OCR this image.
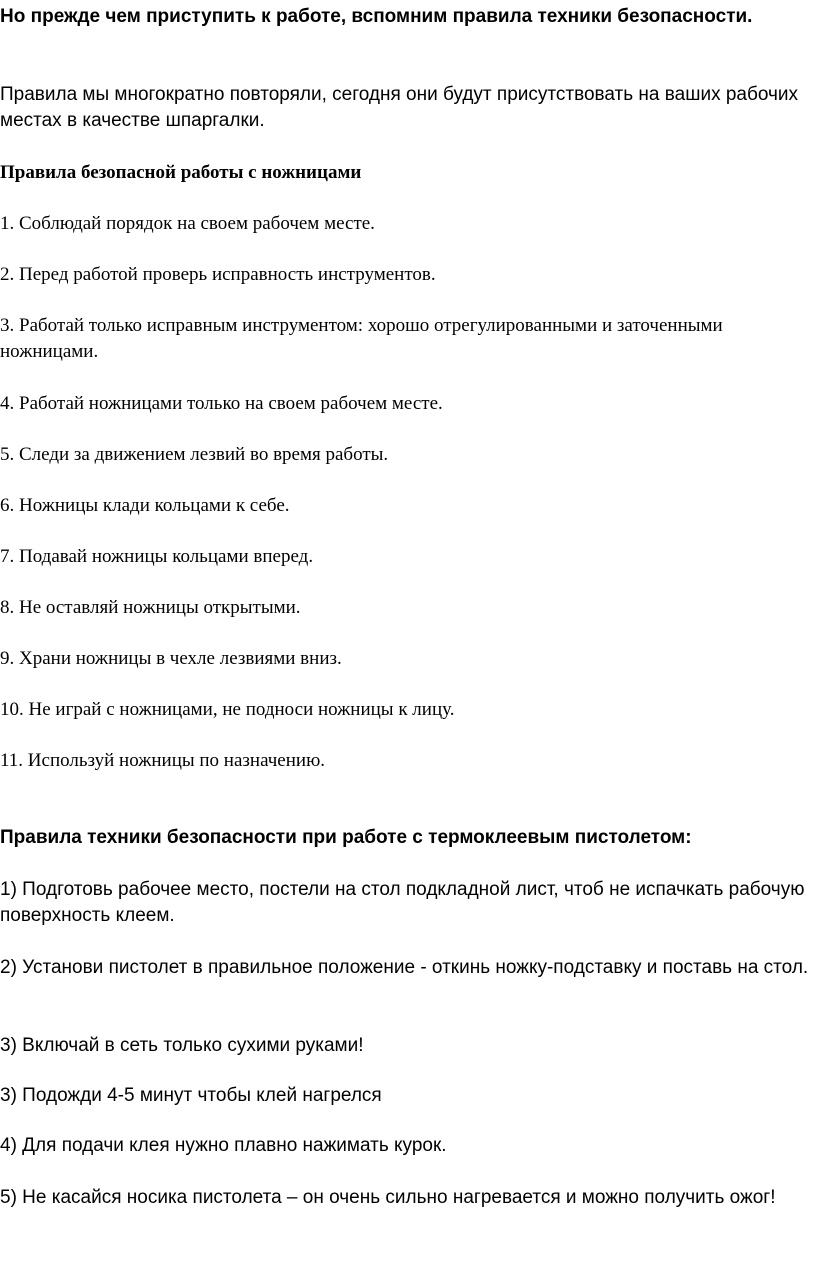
Но прежде чем приступить к работе, вспомним правила техники безопасности.

Правила мы многократно повторяли, сегодня они будут присутствовать на ваших рабочих местах в качестве шпаргалки.

Правила безопасной работы с ножницами

1. Соблюдай порядок на своем рабочем месте.

2. Перед работой проверь исправность инструментов.

3. Работай только исправным инструментом: хорошо отрегулированными и заточенными ножницами.

4. Работай ножницами только на своем рабочем месте.

5. Следи за движением лезвий во время работы.

6. Ножницы клади кольцами к себе.

7. Подавай ножницы кольцами вперед.

8. Не оставляй ножницы открытыми.

9. Храни ножницы в чехле лезвиями вниз.

10. Не играй с ножницами, не подноси ножницы к лицу.

11. Используй ножницы по назначению.

Правила техники безопасности при работе с термоклеевым пистолетом:

1) Подготовь рабочее место, постели на стол подкладной лист, чтоб не испачкать рабочую поверхность клеем.

2) Установи пистолет в правильное положение - откинь ножку-подставку и поставь на стол.

3) Включай в сеть только сухими руками!

3) Подожди 4-5 минут чтобы клей нагрелся

4) Для подачи клея нужно плавно нажимать курок.

5) Не касайся носика пистолета – он очень сильно нагревается и можно получить ожог!
